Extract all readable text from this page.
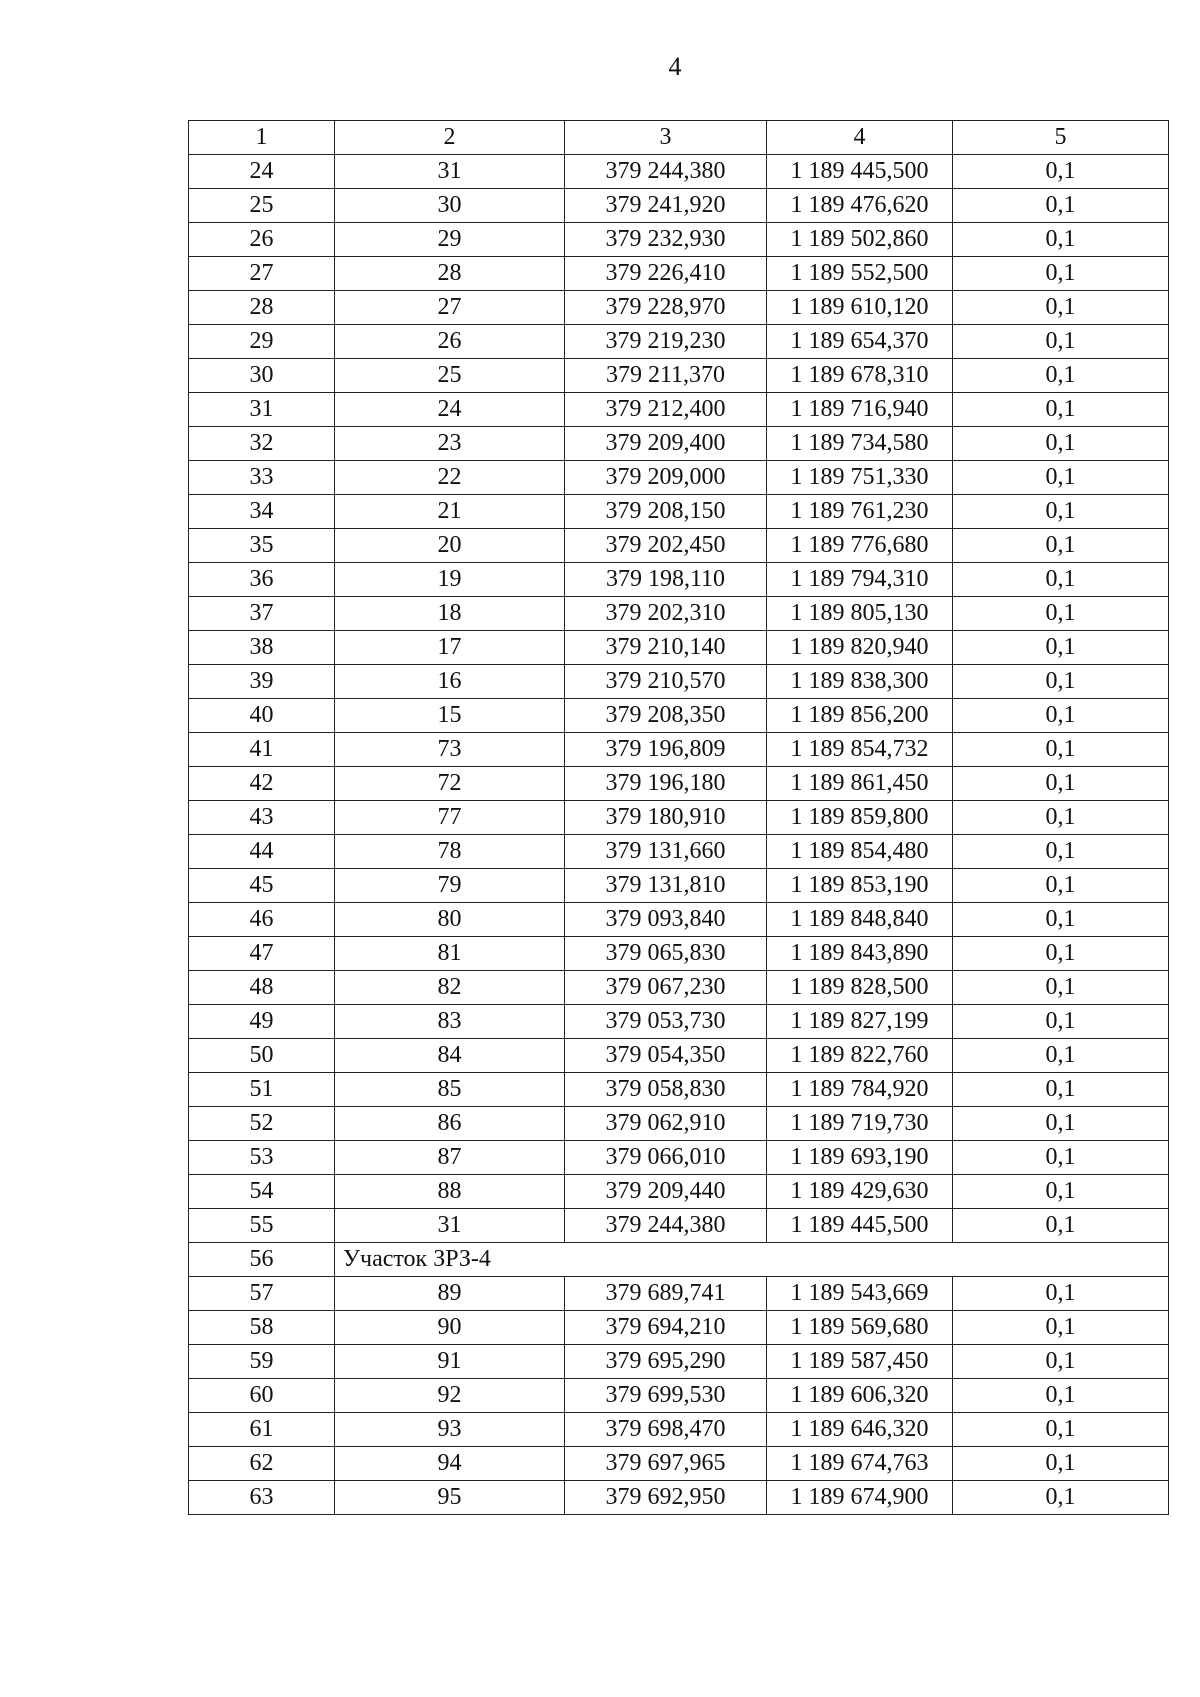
4
1	2	3	4	5
24	31	379 244,380	1 189 445,500	0,1
25	30	379 241,920	1 189 476,620	0,1
26	29	379 232,930	1 189 502,860	0,1
27	28	379 226,410	1 189 552,500	0,1
28	27	379 228,970	1 189 610,120	0,1
29	26	379 219,230	1 189 654,370	0,1
30	25	379 211,370	1 189 678,310	0,1
31	24	379 212,400	1 189 716,940	0,1
32	23	379 209,400	1 189 734,580	0,1
33	22	379 209,000	1 189 751,330	0,1
34	21	379 208,150	1 189 761,230	0,1
35	20	379 202,450	1 189 776,680	0,1
36	19	379 198,110	1 189 794,310	0,1
37	18	379 202,310	1 189 805,130	0,1
38	17	379 210,140	1 189 820,940	0,1
39	16	379 210,570	1 189 838,300	0,1
40	15	379 208,350	1 189 856,200	0,1
41	73	379 196,809	1 189 854,732	0,1
42	72	379 196,180	1 189 861,450	0,1
43	77	379 180,910	1 189 859,800	0,1
44	78	379 131,660	1 189 854,480	0,1
45	79	379 131,810	1 189 853,190	0,1
46	80	379 093,840	1 189 848,840	0,1
47	81	379 065,830	1 189 843,890	0,1
48	82	379 067,230	1 189 828,500	0,1
49	83	379 053,730	1 189 827,199	0,1
50	84	379 054,350	1 189 822,760	0,1
51	85	379 058,830	1 189 784,920	0,1
52	86	379 062,910	1 189 719,730	0,1
53	87	379 066,010	1 189 693,190	0,1
54	88	379 209,440	1 189 429,630	0,1
55	31	379 244,380	1 189 445,500	0,1
56	Участок ЗРЗ-4			
57	89	379 689,741	1 189 543,669	0,1
58	90	379 694,210	1 189 569,680	0,1
59	91	379 695,290	1 189 587,450	0,1
60	92	379 699,530	1 189 606,320	0,1
61	93	379 698,470	1 189 646,320	0,1
62	94	379 697,965	1 189 674,763	0,1
63	95	379 692,950	1 189 674,900	0,1
